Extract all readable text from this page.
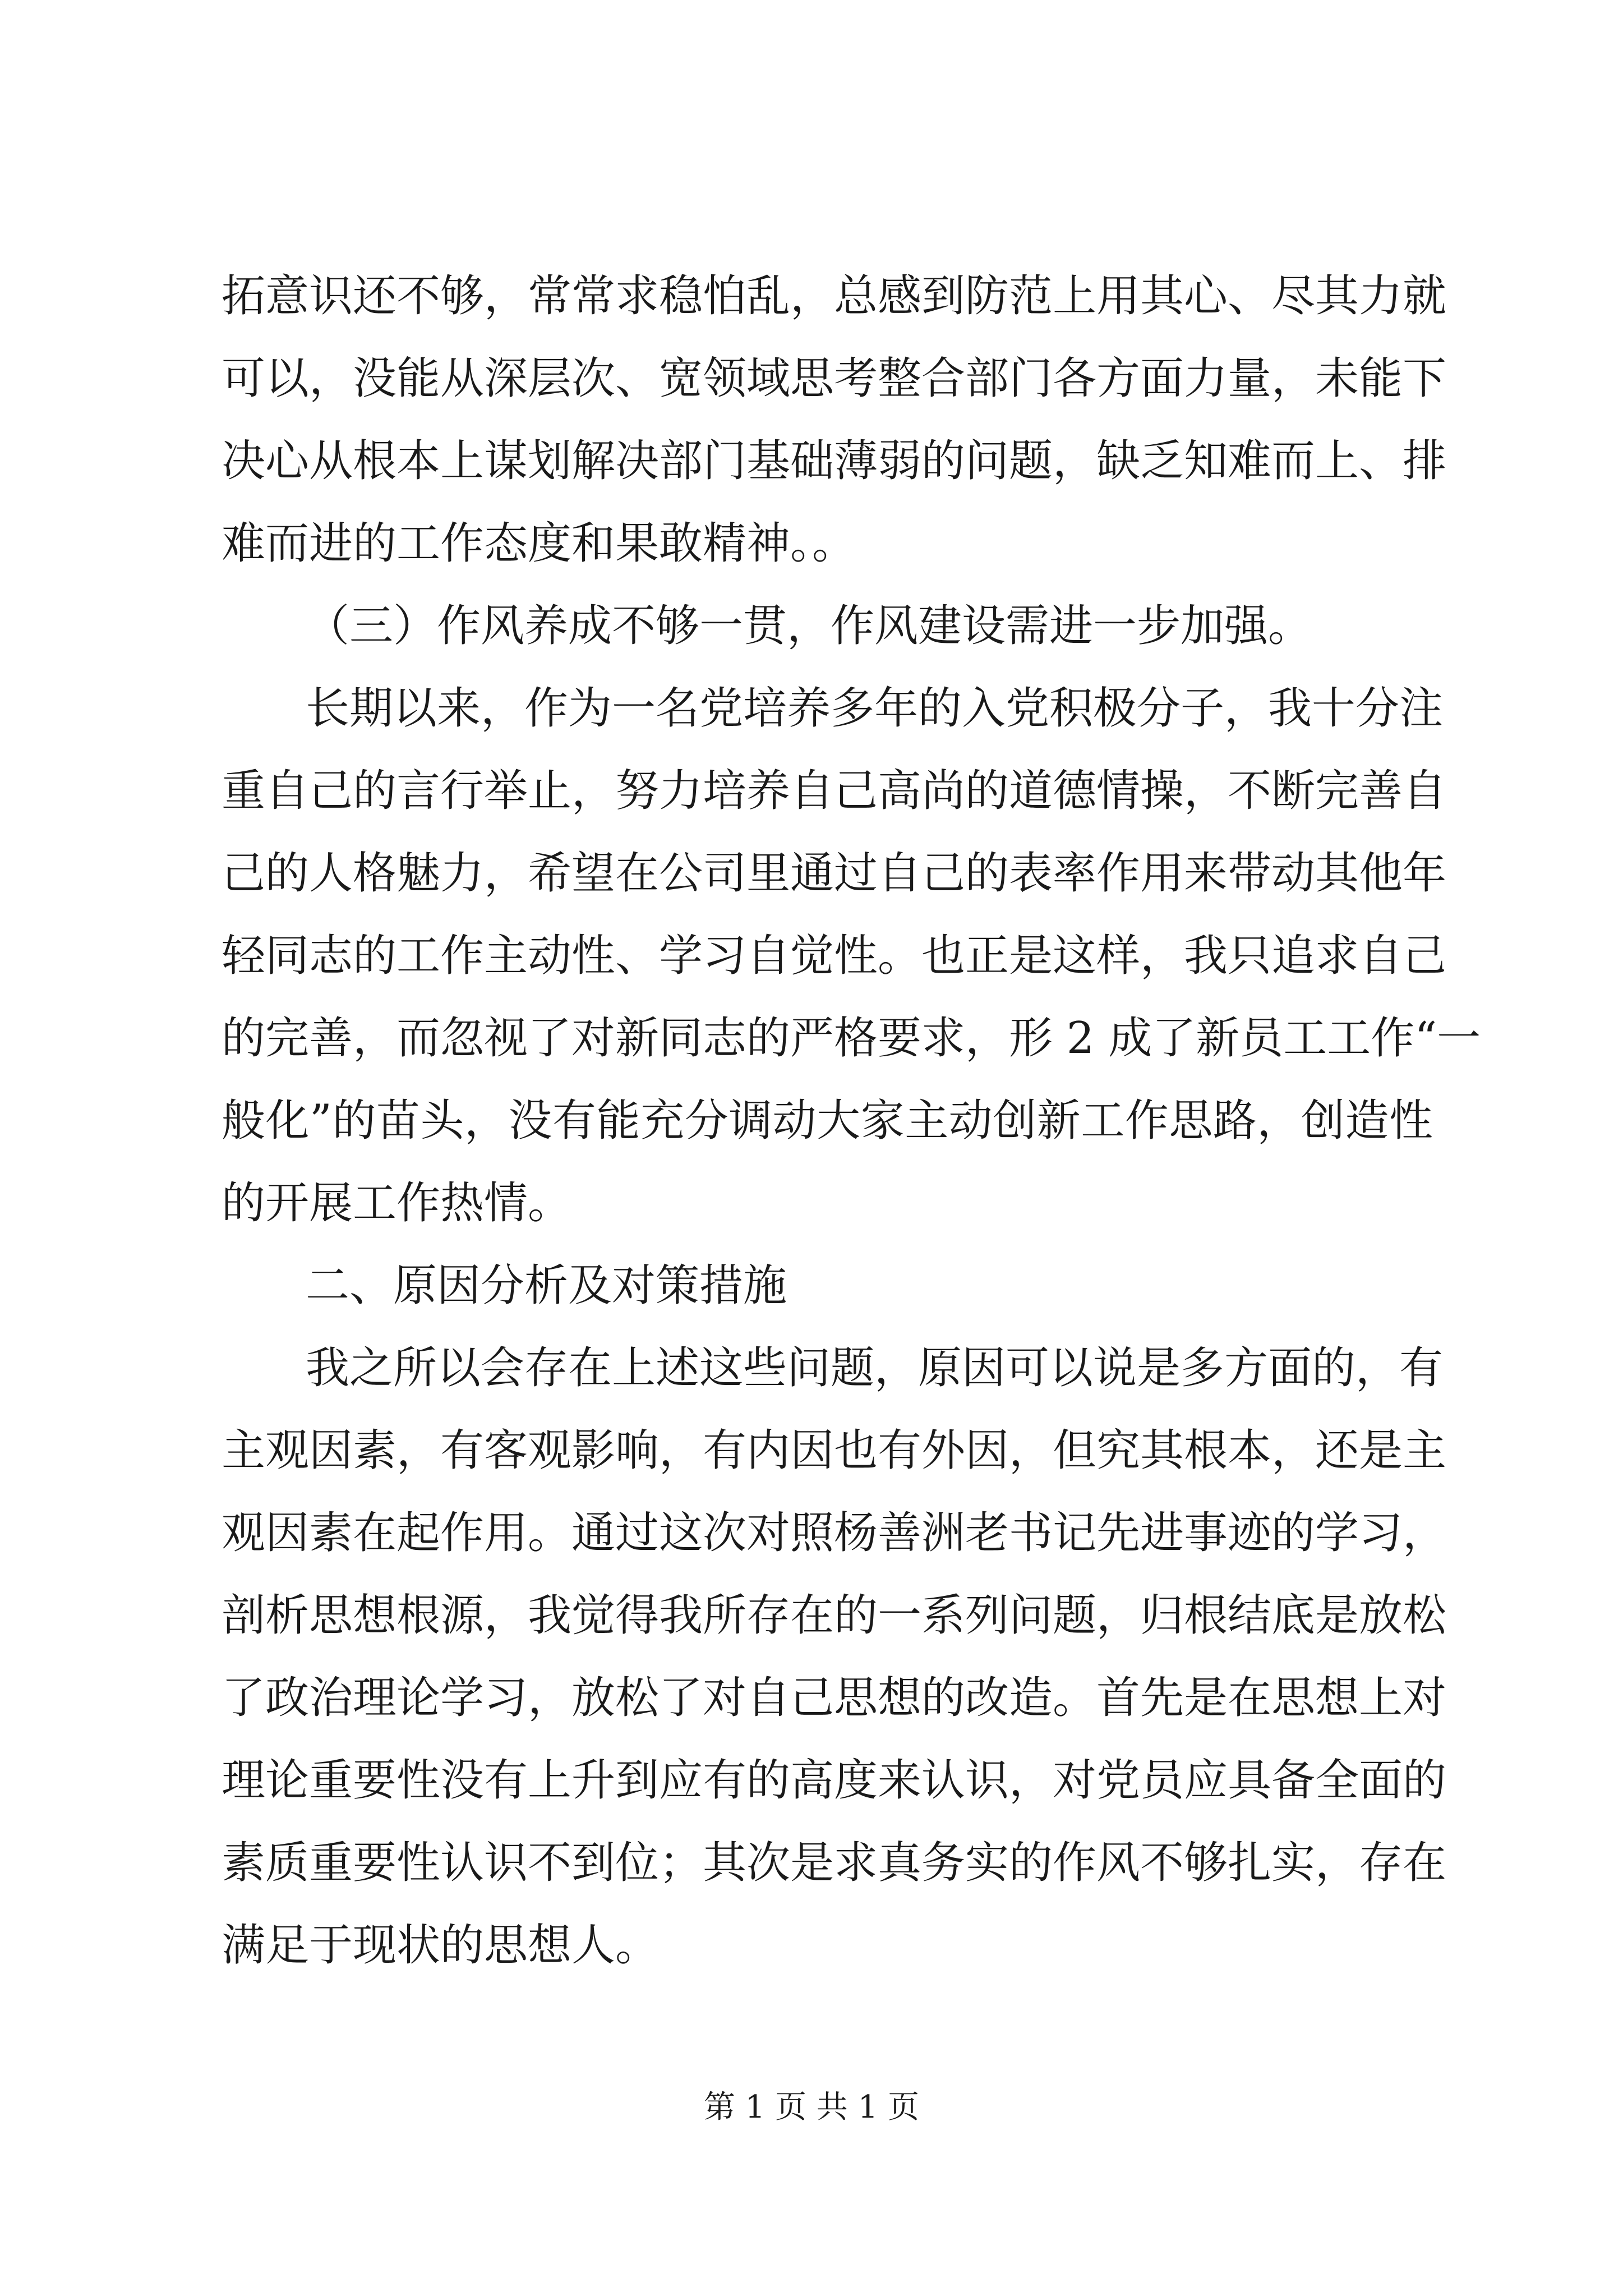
拓意识还不够，常常求稳怕乱，总感到防范上用其心、尽其力就
可以，没能从深层次、宽领域思考整合部门各方面力量，未能下
决心从根本上谋划解决部门基础薄弱的问题，缺乏知难而上、排
难而进的工作态度和果敢精神。。
（三）作风养成不够一贯，作风建设需进一步加强。
长期以来，作为一名党培养多年的入党积极分子，我十分注
重自己的言行举止，努力培养自己高尚的道德情操，不断完善自
己的人格魅力，希望在公司里通过自己的表率作用来带动其他年
轻同志的工作主动性、学习自觉性。也正是这样，我只追求自己
的完善，而忽视了对新同志的严格要求，形 2 成了新员工工作“一
般化”的苗头，没有能充分调动大家主动创新工作思路，创造性
的开展工作热情。
二、原因分析及对策措施
我之所以会存在上述这些问题，原因可以说是多方面的，有
主观因素，有客观影响，有内因也有外因，但究其根本，还是主
观因素在起作用。通过这次对照杨善洲老书记先进事迹的学习，
剖析思想根源，我觉得我所存在的一系列问题，归根结底是放松
了政治理论学习，放松了对自己思想的改造。首先是在思想上对
理论重要性没有上升到应有的高度来认识，对党员应具备全面的
素质重要性认识不到位；其次是求真务实的作风不够扎实，存在
满足于现状的思想人。
第 1 页 共 1 页
